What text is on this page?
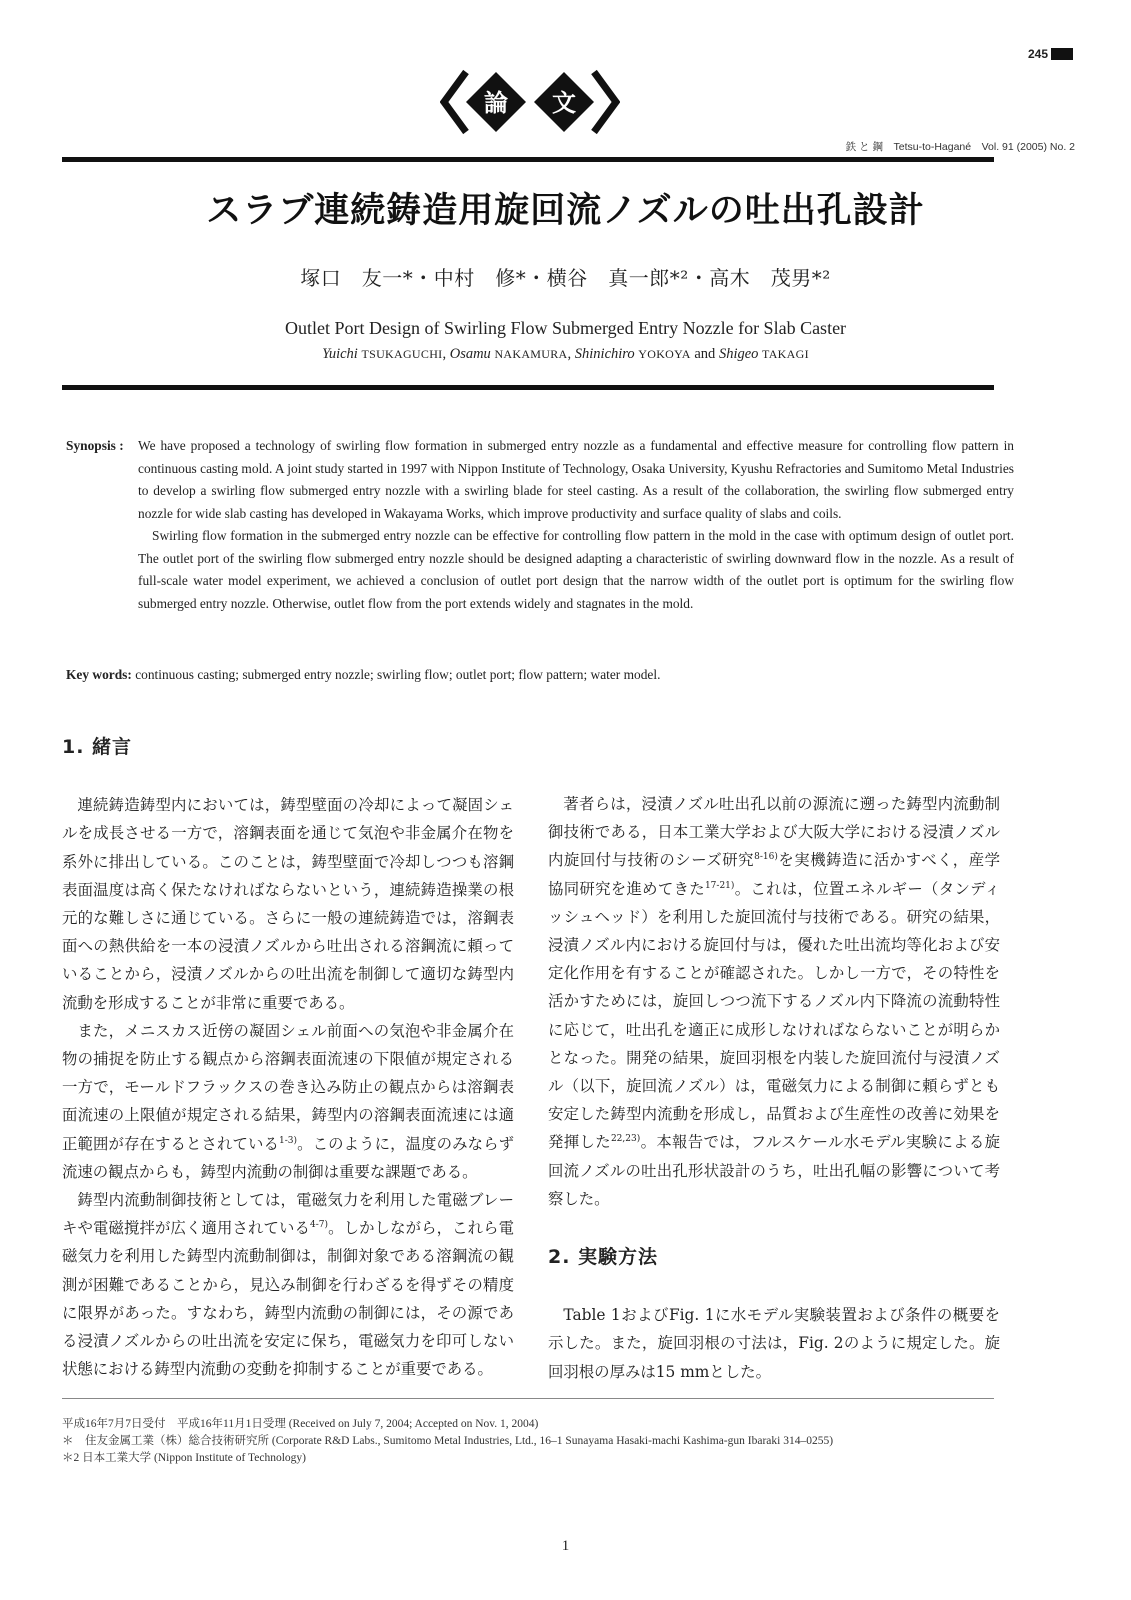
245
論 文
鉄 と 鋼　Tetsu-to-Hagané　Vol. 91 (2005) No. 2
スラブ連続鋳造用旋回流ノズルの吐出孔設計
塚口　友一*・中村　修*・横谷　真一郎*²・高木　茂男*²
Outlet Port Design of Swirling Flow Submerged Entry Nozzle for Slab Caster
Yuichi TSUKAGUCHI, Osamu NAKAMURA, Shinichiro YOKOYA and Shigeo TAKAGI
Synopsis : We have proposed a technology of swirling flow formation in submerged entry nozzle as a fundamental and effective measure for controlling flow pattern in continuous casting mold. A joint study started in 1997 with Nippon Institute of Technology, Osaka University, Kyushu Refractories and Sumitomo Metal Industries to develop a swirling flow submerged entry nozzle with a swirling blade for steel casting. As a result of the collaboration, the swirling flow submerged entry nozzle for wide slab casting has developed in Wakayama Works, which improve productivity and surface quality of slabs and coils.

Swirling flow formation in the submerged entry nozzle can be effective for controlling flow pattern in the mold in the case with optimum design of outlet port. The outlet port of the swirling flow submerged entry nozzle should be designed adapting a characteristic of swirling downward flow in the nozzle. As a result of full-scale water model experiment, we achieved a conclusion of outlet port design that the narrow width of the outlet port is optimum for the swirling flow submerged entry nozzle. Otherwise, outlet flow from the port extends widely and stagnates in the mold.

Key words: continuous casting; submerged entry nozzle; swirling flow; outlet port; flow pattern; water model.
1. 緒言

連続鋳造鋳型内においては，鋳型壁面の冷却によって凝固シェルを成長させる一方で，溶鋼表面を通じて気泡や非金属介在物を系外に排出している。このことは，鋳型壁面で冷却しつつも溶鋼表面温度は高く保たなければならないという，連続鋳造操業の根元的な難しさに通じている。さらに一般の連続鋳造では，溶鋼表面への熱供給を一本の浸漬ノズルから吐出される溶鋼流に頼っていることから，浸漬ノズルからの吐出流を制御して適切な鋳型内流動を形成することが非常に重要である。

また，メニスカス近傍の凝固シェル前面への気泡や非金属介在物の捕捉を防止する観点から溶鋼表面流速の下限値が規定される一方で，モールドフラックスの巻き込み防止の観点からは溶鋼表面流速の上限値が規定される結果，鋳型内の溶鋼表面流速には適正範囲が存在するとされている$^{1-3)}$。このように，温度のみならず流速の観点からも，鋳型内流動の制御は重要な課題である。

鋳型内流動制御技術としては，電磁気力を利用した電磁ブレーキや電磁撹拌が広く適用されている$^{4-7)}$。しかしながら，これら電磁気力を利用した鋳型内流動制御は，制御対象である溶鋼流の観測が困難であることから，見込み制御を行わざるを得ずその精度に限界があった。すなわち，鋳型内流動の制御には，その源である浸漬ノズルからの吐出流を安定に保ち，電磁気力を印可しない状態における鋳型内流動の変動を抑制することが重要である。

著者らは，浸漬ノズル吐出孔以前の源流に遡った鋳型内流動制御技術である，日本工業大学および大阪大学における浸漬ノズル内旋回付与技術のシーズ研究$^{8-16)}$を実機鋳造に活かすべく，産学協同研究を進めてきた$^{17-21)}$。これは，位置エネルギー（タンディッシュヘッド）を利用した旋回流付与技術である。研究の結果，浸漬ノズル内における旋回付与は，優れた吐出流均等化および安定化作用を有することが確認された。しかし一方で，その特性を活かすためには，旋回しつつ流下するノズル内下降流の流動特性に応じて，吐出孔を適正に成形しなければならないことが明らかとなった。開発の結果，旋回羽根を内装した旋回流付与浸漬ノズル（以下，旋回流ノズル）は，電磁気力による制御に頼らずとも安定した鋳型内流動を形成し，品質および生産性の改善に効果を発揮した$^{22,23)}$。本報告では，フルスケール水モデル実験による旋回流ノズルの吐出孔形状設計のうち，吐出孔幅の影響について考察した。

2. 実験方法

Table 1およびFig. 1に水モデル実験装置および条件の概要を示した。また，旋回羽根の寸法は，Fig. 2のように規定した。旋回羽根の厚みは15 mmとした。

平成16年7月7日受付　平成16年11月1日受理 (Received on July 7, 2004; Accepted on Nov. 1, 2004)
＊　住友金属工業（株）総合技術研究所 (Corporate R&D Labs., Sumitomo Metal Industries, Ltd., 16–1 Sunayama Hasaki-machi Kashima-gun Ibaraki 314–0255)
＊2 日本工業大学 (Nippon Institute of Technology)
1
